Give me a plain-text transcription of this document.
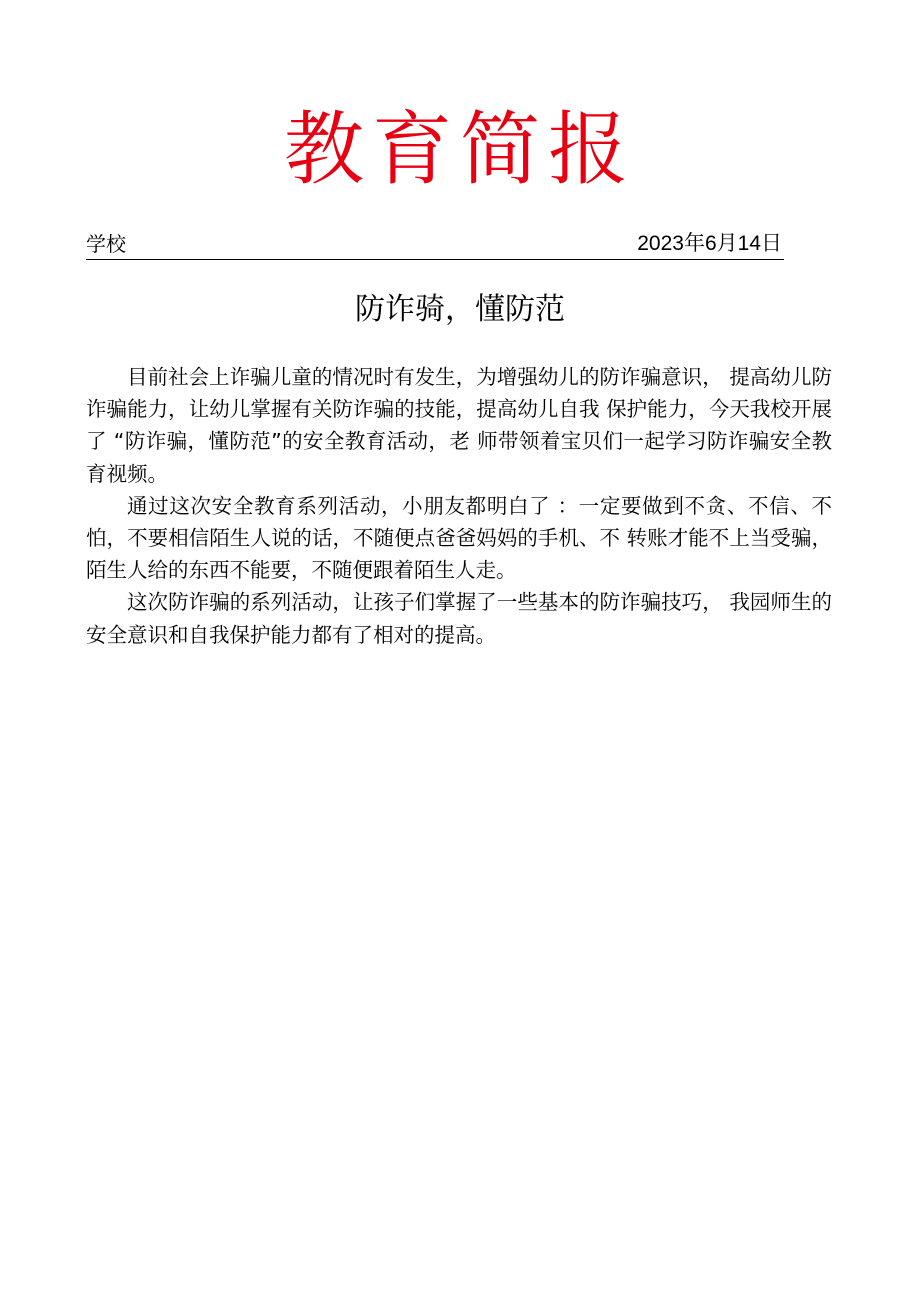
教育简报
学校	2023年6月14日
防诈骑，懂防范

目前社会上诈骗儿童的情况时有发生，为增强幼儿的防诈骗意识， 提高幼儿防诈骗能力，让幼儿掌握有关防诈骗的技能，提高幼儿自我 保护能力，今天我校开展了 “防诈骗，懂防范”的安全教育活动，老 师带领着宝贝们一起学习防诈骗安全教育视频。

通过这次安全教育系列活动，小朋友都明白了 ：一定要做到不贪、不信、不怕，不要相信陌生人说的话，不随便点爸爸妈妈的手机、不 转账才能不上当受骗，陌生人给的东西不能要，不随便跟着陌生人走。

这次防诈骗的系列活动，让孩子们掌握了一些基本的防诈骗技巧， 我园师生的安全意识和自我保护能力都有了相对的提高。
